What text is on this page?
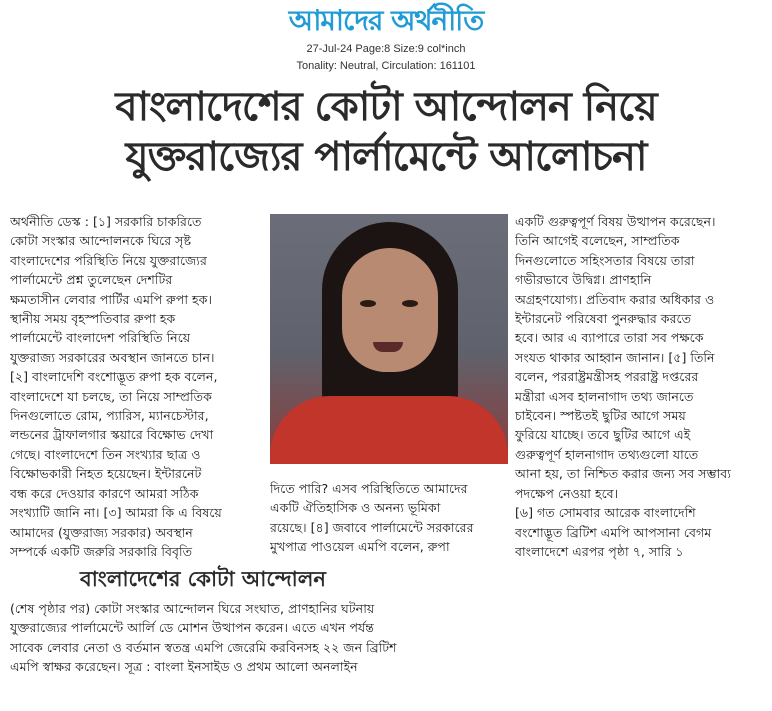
আমাদের অর্থনীতি
27-Jul-24 Page:8 Size:9 col*inch
Tonality: Neutral, Circulation: 161101
বাংলাদেশের কোটা আন্দোলন নিয়ে
যুক্তরাজ্যের পার্লামেন্টে আলোচনা

অর্থনীতি ডেস্ক : [১] সরকারি চাকরিতে

কোটা সংস্কার আন্দোলনকে ঘিরে সৃষ্ট

বাংলাদেশের পরিস্থিতি নিয়ে যুক্তরাজ্যের

পার্লামেন্টে প্রশ্ন তুলেছেন দেশটির

ক্ষমতাসীন লেবার পার্টির এমপি রুপা হক।

স্থানীয় সময় বৃহস্পতিবার রুপা হক

পার্লামেন্টে বাংলাদেশ পরিস্থিতি নিয়ে

যুক্তরাজ্য সরকারের অবস্থান জানতে চান।

[২] বাংলাদেশি বংশোদ্ভূত রুপা হক বলেন,

বাংলাদেশে যা চলছে, তা নিয়ে সাম্প্রতিক

দিনগুলোতে রোম, প্যারিস, ম্যানচেস্টার,

লন্ডনের ট্রাফালগার স্কয়ারে বিক্ষোভ দেখা

গেছে। বাংলাদেশে তিন সংখ্যার ছাত্র ও

বিক্ষোভকারী নিহত হয়েছেন। ইন্টারনেট

বন্ধ করে দেওয়ার কারণে আমরা সঠিক

সংখ্যাটি জানি না। [৩] আমরা কি এ বিষয়ে

আমাদের (যুক্তরাজ্য সরকার) অবস্থান

সম্পর্কে একটি জরুরি সরকারি বিবৃতি

দিতে পারি? এসব পরিস্থিতিতে আমাদের

একটি ঐতিহাসিক ও অনন্য ভূমিকা

রয়েছে। [৪] জবাবে পার্লামেন্টে সরকারের

মুখপাত্র পাওয়েল এমপি বলেন, রুপা

একটি গুরুত্বপূর্ণ বিষয় উত্থাপন করেছেন।

তিনি আগেই বলেছেন, সাম্প্রতিক

দিনগুলোতে সহিংসতার বিষয়ে তারা

গভীরভাবে উদ্বিগ্ন। প্রাণহানি

অগ্রহণযোগ্য। প্রতিবাদ করার অধিকার ও

ইন্টারনেট পরিষেবা পুনরুদ্ধার করতে

হবে। আর এ ব্যাপারে তারা সব পক্ষকে

সংযত থাকার আহ্বান জানান। [৫] তিনি

বলেন, পররাষ্ট্রমন্ত্রীসহ পররাষ্ট্র দপ্তরের

মন্ত্রীরা এসব হালনাগাদ তথ্য জানতে

চাইবেন। স্পষ্টতই ছুটির আগে সময়

ফুরিয়ে যাচ্ছে। তবে ছুটির আগে এই

গুরুত্বপূর্ণ হালনাগাদ তথ্যগুলো যাতে

আনা হয়, তা নিশ্চিত করার জন্য সব সম্ভাব্য

পদক্ষেপ নেওয়া হবে।

[৬] গত সোমবার আরেক বাংলাদেশি

বংশোদ্ভূত ব্রিটিশ এমপি আপসানা বেগম

বাংলাদেশে এরপর পৃষ্ঠা ৭, সারি ১

বাংলাদেশের কোটা আন্দোলন

(শেষ পৃষ্ঠার পর) কোটা সংস্কার আন্দোলন ঘিরে সংঘাত, প্রাণহানির ঘটনায়

যুক্তরাজ্যের পার্লামেন্টে আর্লি ডে মোশন উত্থাপন করেন। এতে এখন পর্যন্ত

সাবেক লেবার নেতা ও বর্তমান স্বতন্ত্র এমপি জেরেমি করবিনসহ ২২ জন ব্রিটিশ

এমপি স্বাক্ষর করেছেন। সূত্র : বাংলা ইনসাইড ও প্রথম আলো অনলাইন
